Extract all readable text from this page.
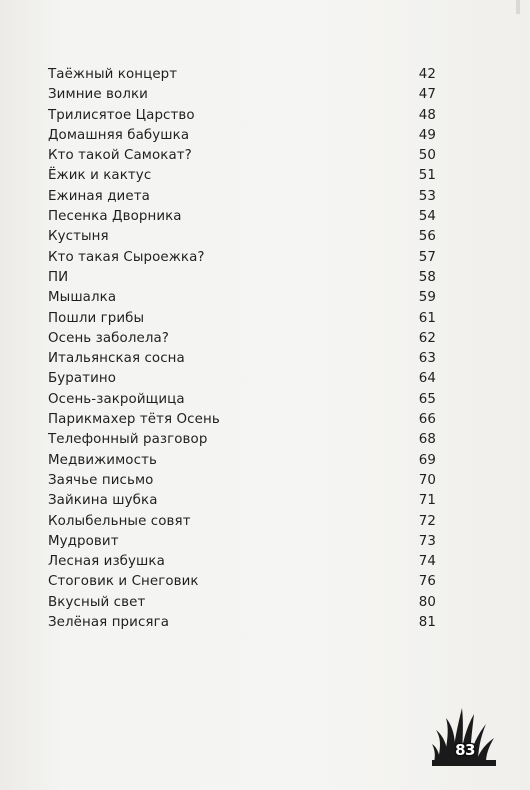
Таёжный концерт	42
Зимние волки	47
Трилисятое Царство	48
Домашняя бабушка	49
Кто такой Самокат?	50
Ёжик и кактус	51
Ежиная диета	53
Песенка Дворника	54
Кустыня	56
Кто такая Сыроежка?	57
ПИ	58
Мышалка	59
Пошли грибы	61
Осень заболела?	62
Итальянская сосна	63
Буратино	64
Осень-закройщица	65
Парикмахер тётя Осень	66
Телефонный разговор	68
Медвижимость	69
Заячье письмо	70
Зайкина шубка	71
Колыбельные совят	72
Мудровит	73
Лесная избушка	74
Стоговик и Снеговик	76
Вкусный свет	80
Зелёная присяга	81
83
